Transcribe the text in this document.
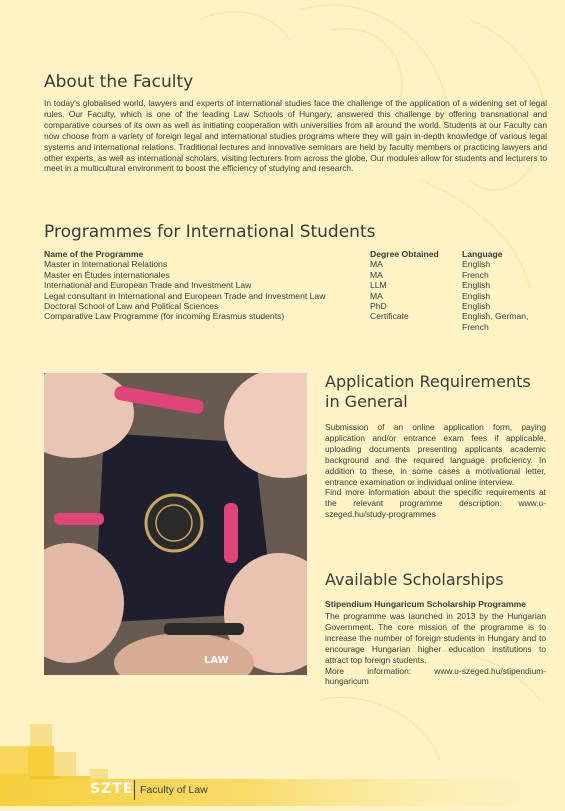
About the Faculty

In today's globalised world, lawyers and experts of international studies face the challenge of the application of a widening set of legal rules. Our Faculty, which is one of the leading Law Schools of Hungary, answered this challenge by offering transnational and comparative courses of its own as well as initiating cooperation with universities from all around the world. Students at our Faculty can now choose from a variety of foreign legal and international studies programs where they will gain in-depth knowledge of various legal systems and international relations. Traditional lectures and innovative seminars are held by faculty members or practicing lawyers and other experts, as well as international scholars, visiting lecturers from across the globe. Our modules allow for students and lecturers to meet in a multicultural environment to boost the efficiency of studying and research.

Programmes for International Students
Name of the Programme	Degree Obtained	Language
Master in International Relations	MA	English
Master en Études internationales	MA	French
International and European Trade and Investment Law	LLM	English
Legal consultant in International and European Trade and Investment Law	MA	English
Doctoral School of Law and Political Sciences	PhD	English
Comparative Law Programme (for incoming Erasmus students)	Certificate	English, German, French
LAW
Application Requirements in General
Submission of an online application form, paying application and/or entrance exam fees if applicable, uploading documents presenting applicants academic background and the required language proficiency. In addition to these, in some cases a motivational letter, entrance examination or individual online interview.
Find more information about the specific requirements at the relevant programme description: www.u-szeged.hu/study-programmes
Available Scholarships

Stipendium Hungaricum Scholarship Programme

The programme was launched in 2013 by the Hungarian Government. The core mission of the programme is to increase the number of foreign students in Hungary and to encourage Hungarian higher education institutions to attract top foreign students.
More information: www.u-szeged.hu/stipendium-hungaricum
SZTE Faculty of Law
